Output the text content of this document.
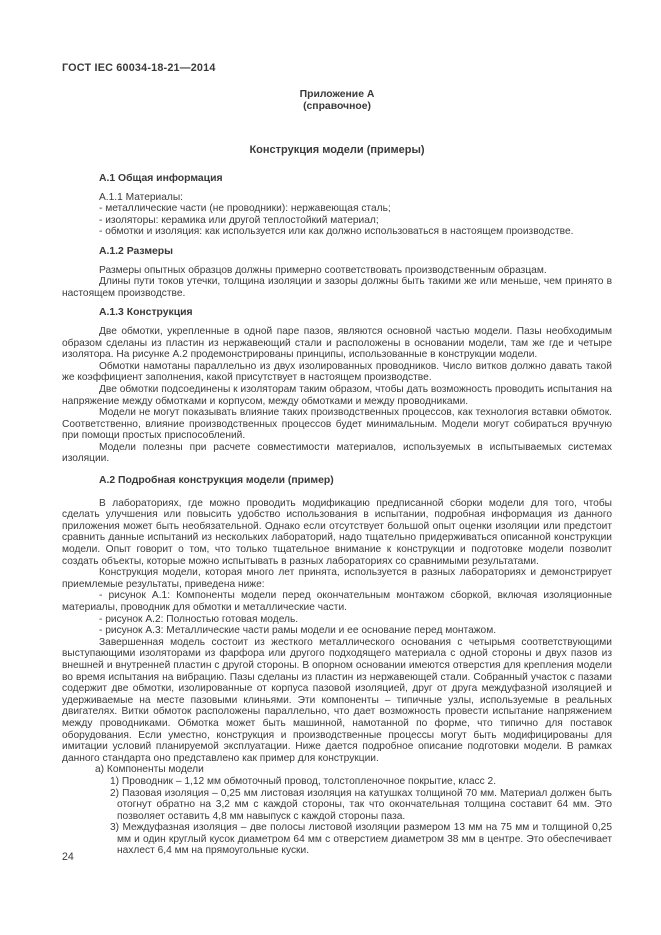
ГОСТ IEC 60034-18-21—2014
Приложение А
(справочное)
Конструкция модели (примеры)
А.1 Общая информация

А.1.1 Материалы:

- металлические части (не проводники): нержавеющая сталь;

- изоляторы: керамика или другой теплостойкий материал;

- обмотки и изоляция: как используется или как должно использоваться в настоящем производстве.

А.1.2 Размеры

Размеры опытных образцов должны примерно соответствовать производственным образцам.

Длины пути токов утечки, толщина изоляции и зазоры должны быть такими же или меньше, чем принято в настоящем производстве.

А.1.3 Конструкция

Две обмотки, укрепленные в одной паре пазов, являются основной частью модели. Пазы необходимым образом сделаны из пластин из нержавеющий стали и расположены в основании модели, там же где и четыре изолятора. На рисунке А.2 продемонстрированы принципы, использованные в конструкции модели.

Обмотки намотаны параллельно из двух изолированных проводников. Число витков должно давать такой же коэффициент заполнения, какой присутствует в настоящем производстве.

Две обмотки подсоединены к изоляторам таким образом, чтобы дать возможность проводить испытания на напряжение между обмотками и корпусом, между обмотками и между проводниками.

Модели не могут показывать влияние таких производственных процессов, как технология вставки обмоток. Соответственно, влияние производственных процессов будет минимальным. Модели могут собираться вручную при помощи простых приспособлений.

Модели полезны при расчете совместимости материалов, используемых в испытываемых системах изоляции.

А.2 Подробная конструкция модели (пример)

В лабораториях, где можно проводить модификацию предписанной сборки модели для того, чтобы сделать улучшения или повысить удобство использования в испытании, подробная информация из данного приложения может быть необязательной. Однако если отсутствует большой опыт оценки изоляции или предстоит сравнить данные испытаний из нескольких лабораторий, надо тщательно придерживаться описанной конструкции модели. Опыт говорит о том, что только тщательное внимание к конструкции и подготовке модели позволит создать объекты, которые можно испытывать в разных лабораториях со сравнимыми результатами.

Конструкция модели, которая много лет принята, используется в разных лабораториях и демонстрирует приемлемые результаты, приведена ниже:

- рисунок А.1: Компоненты модели перед окончательным монтажом сборкой, включая изоляционные материалы, проводник для обмотки и металлические части.

- рисунок А.2: Полностью готовая модель.

- рисунок А.3: Металлические части рамы модели и ее основание перед монтажом.

Завершенная модель состоит из жесткого металлического основания с четырьмя соответствующими выступающими изоляторами из фарфора или другого подходящего материала с одной стороны и двух пазов из внешней и внутренней пластин с другой стороны. В опорном основании имеются отверстия для крепления модели во время испытания на вибрацию. Пазы сделаны из пластин из нержавеющей стали. Собранный участок с пазами содержит две обмотки, изолированные от корпуса пазовой изоляцией, друг от друга междуфазной изоляцией и удерживаемые на месте пазовыми клиньями. Эти компоненты – типичные узлы, используемые в реальных двигателях. Витки обмоток расположены параллельно, что дает возможность провести испытание напряжением между проводниками. Обмотка может быть машинной, намотанной по форме, что типично для поставок оборудования. Если уместно, конструкция и производственные процессы могут быть модифицированы для имитации условий планируемой эксплуатации. Ниже дается подробное описание подготовки модели. В рамках данного стандарта оно представлено как пример для конструкции.

а) Компоненты модели

1) Проводник – 1,12 мм обмоточный провод, толстопленочное покрытие, класс 2.

2) Пазовая изоляция – 0,25 мм листовая изоляция на катушках толщиной 70 мм. Материал должен быть отогнут обратно на 3,2 мм с каждой стороны, так что окончательная толщина составит 64 мм. Это позволяет оставить 4,8 мм навыпуск с каждой стороны паза.

3) Междуфазная изоляция – две полосы листовой изоляции размером 13 мм на 75 мм и толщиной 0,25 мм и один круглый кусок диаметром 64 мм с отверстием диаметром 38 мм в центре. Это обеспечивает нахлест 6,4 мм на прямоугольные куски.

24
